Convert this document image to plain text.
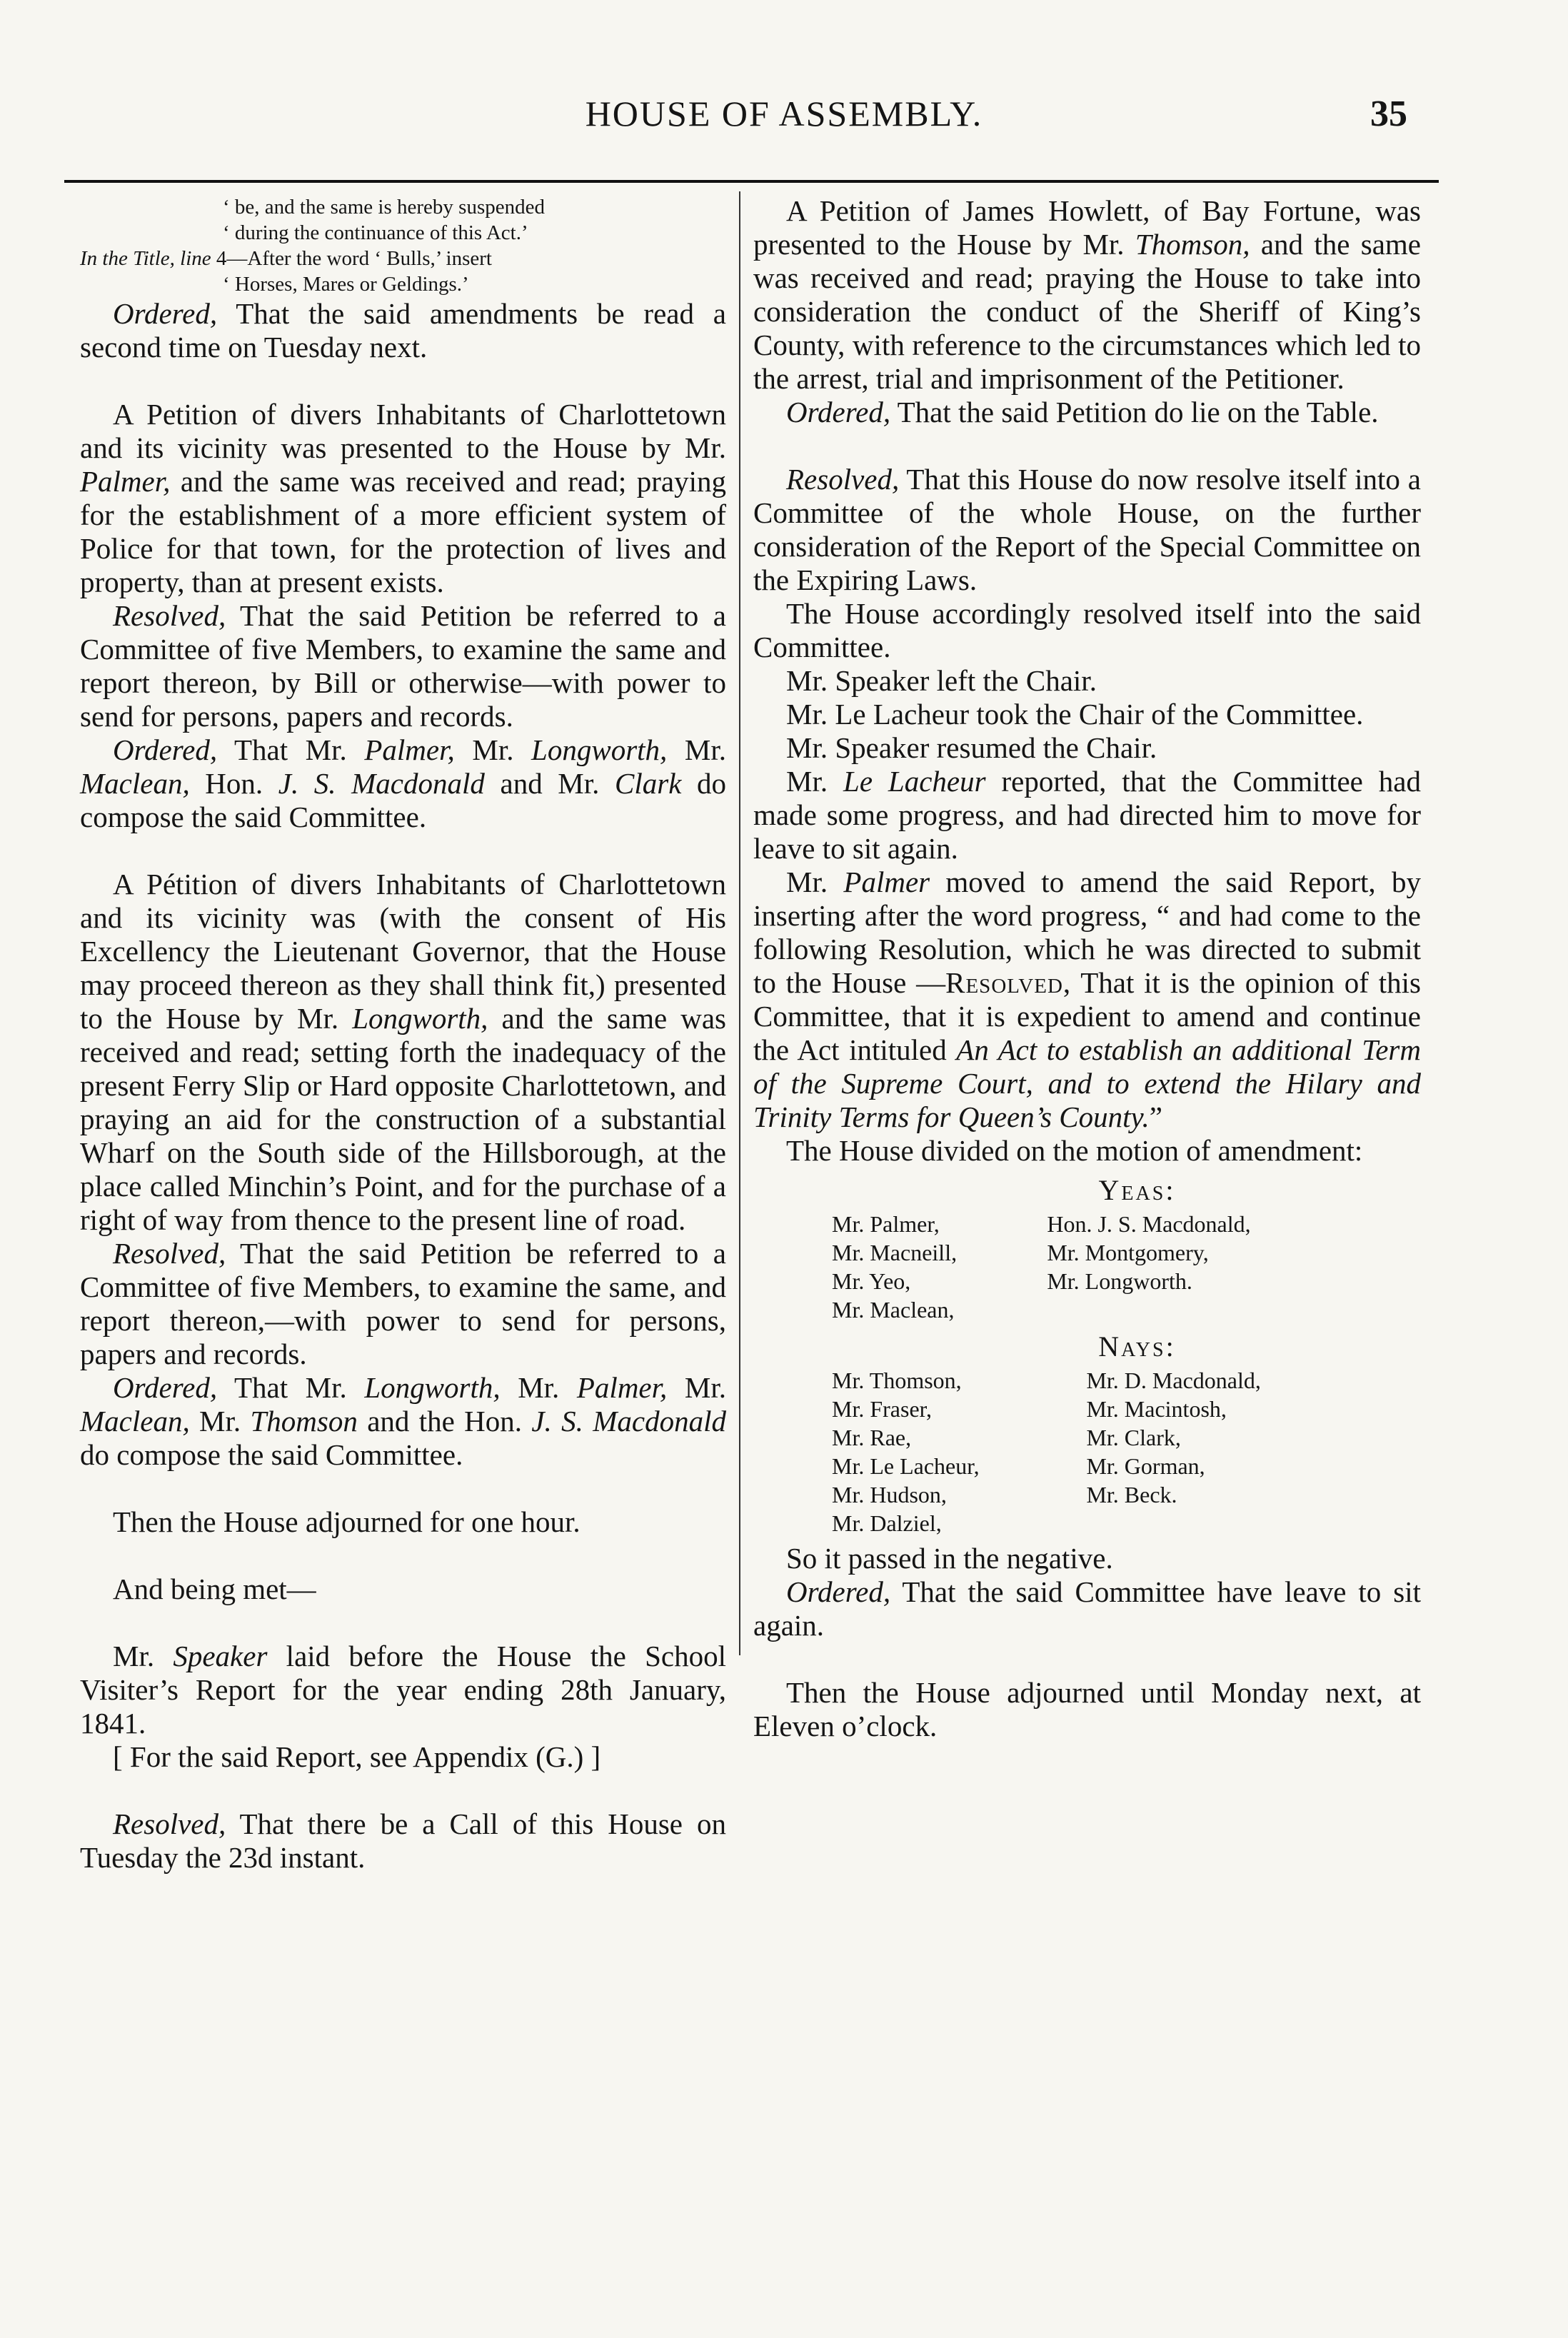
HOUSE OF ASSEMBLY.	35

‘ be, and the same is hereby suspended

‘ during the continuance of this Act.’

In the Title, line 4—After the word ‘ Bulls,’ insert

‘ Horses, Mares or Geldings.’

Ordered, That the said amendments be read a second time on Tuesday next.

A Petition of divers Inhabitants of Charlottetown and its vicinity was presented to the House by Mr. Palmer, and the same was received and read; praying for the establishment of a more efficient system of Police for that town, for the protection of lives and property, than at present exists.

Resolved, That the said Petition be referred to a Committee of five Members, to examine the same and report thereon, by Bill or otherwise—with power to send for persons, papers and records.

Ordered, That Mr. Palmer, Mr. Longworth, Mr. Maclean, Hon. J. S. Macdonald and Mr. Clark do compose the said Committee.

A Pétition of divers Inhabitants of Charlottetown and its vicinity was (with the consent of His Excellency the Lieutenant Governor, that the House may proceed thereon as they shall think fit,) presented to the House by Mr. Longworth, and the same was received and read; setting forth the inadequacy of the present Ferry Slip or Hard opposite Charlottetown, and praying an aid for the construction of a substantial Wharf on the South side of the Hillsborough, at the place called Minchin’s Point, and for the purchase of a right of way from thence to the present line of road.

Resolved, That the said Petition be referred to a Committee of five Members, to examine the same, and report thereon,—with power to send for persons, papers and records.

Ordered, That Mr. Longworth, Mr. Palmer, Mr. Maclean, Mr. Thomson and the Hon. J. S. Macdonald do compose the said Committee.

Then the House adjourned for one hour.

And being met—

Mr. Speaker laid before the House the School Visiter’s Report for the year ending 28th January, 1841.

[ For the said Report, see Appendix (G.) ]

Resolved, That there be a Call of this House on Tuesday the 23d instant.

A Petition of James Howlett, of Bay Fortune, was presented to the House by Mr. Thomson, and the same was received and read; praying the House to take into consideration the conduct of the Sheriff of King’s County, with reference to the circumstances which led to the arrest, trial and imprisonment of the Petitioner.

Ordered, That the said Petition do lie on the Table.

Resolved, That this House do now resolve itself into a Committee of the whole House, on the further consideration of the Report of the Special Committee on the Expiring Laws.

The House accordingly resolved itself into the said Committee.

Mr. Speaker left the Chair.

Mr. Le Lacheur took the Chair of the Committee.

Mr. Speaker resumed the Chair.

Mr. Le Lacheur reported, that the Committee had made some progress, and had directed him to move for leave to sit again.

Mr. Palmer moved to amend the said Report, by inserting after the word progress, “ and had come to the following Resolution, which he was directed to submit to the House —Resolved, That it is the opinion of this Committee, that it is expedient to amend and continue the Act intituled An Act to establish an additional Term of the Supreme Court, and to extend the Hilary and Trinity Terms for Queen’s County.”

The House divided on the motion of amendment:

Yeas:
Mr. Palmer,	Hon. J. S. Macdonald,
Mr. Macneill,	Mr. Montgomery,
Mr. Yeo,	Mr. Longworth.
Mr. Maclean,	
Nays:
Mr. Thomson,	Mr. D. Macdonald,
Mr. Fraser,	Mr. Macintosh,
Mr. Rae,	Mr. Clark,
Mr. Le Lacheur,	Mr. Gorman,
Mr. Hudson,	Mr. Beck.
Mr. Dalziel,	

So it passed in the negative.

Ordered, That the said Committee have leave to sit again.

Then the House adjourned until Monday next, at Eleven o’clock.
